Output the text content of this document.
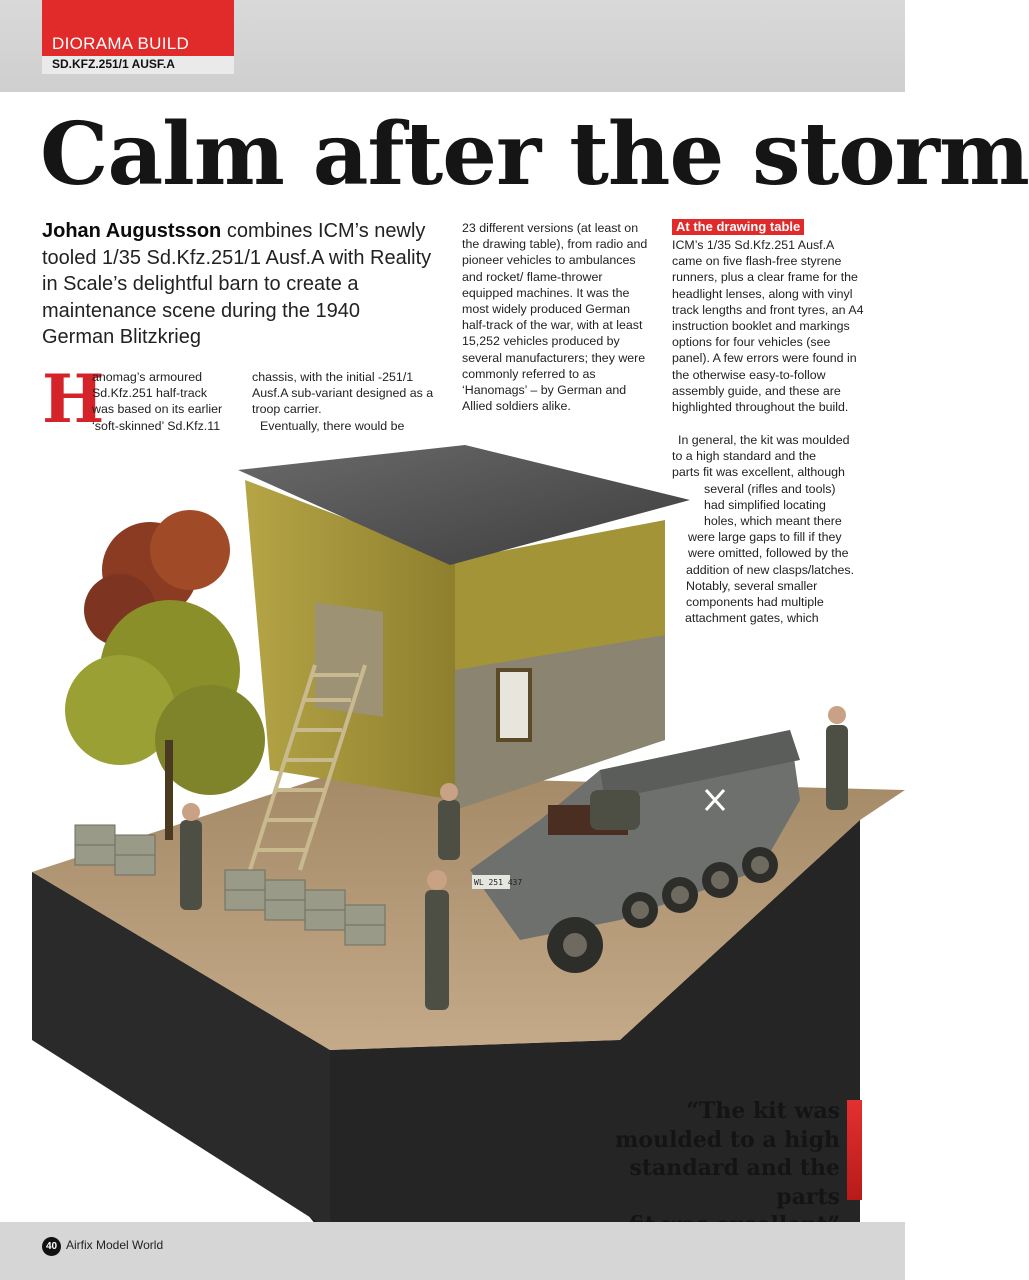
DIORAMA BUILD
SD.KFZ.251/1 AUSF.A
Calm after the storm
Johan Augustsson combines ICM’s newly tooled 1/35 Sd.Kfz.251/1 Ausf.A with Reality in Scale’s delightful barn to create a maintenance scene during the 1940 German Blitzkrieg
H

anomag’s armoured Sd.Kfz.251 half-track was based on its earlier ‘soft-skinned’ Sd.Kfz.11

chassis, with the initial -251/1 Ausf.A sub-variant designed as a troop carrier.

Eventually, there would be

23 different versions (at least on the drawing table), from radio and pioneer vehicles to ambulances and rocket/ flame-thrower equipped machines. It was the most widely produced German half-track of the war, with at least 15,252 vehicles produced by several manufacturers; they were commonly referred to as ‘Hanomags’ – by German and Allied soldiers alike.

At the drawing table

ICM’s 1/35 Sd.Kfz.251 Ausf.A came on five flash-free styrene runners, plus a clear frame for the headlight lenses, along with vinyl track lengths and front tyres, an A4 instruction booklet and markings options for four vehicles (see panel). A few errors were found in the otherwise easy-to-follow assembly guide, and these are highlighted throughout the build.

In general, the kit was moulded
to a high standard and the
parts fit was excellent, although
several (rifles and tools)
had simplified locating
holes, which meant there
were large gaps to fill if they
were omitted, followed by the
addition of new clasps/latches.
Notably, several smaller
components had multiple
attachment gates, which
WL 251 437
“The kit was
moulded to a high
standard and the parts
40 Airfix Model World
